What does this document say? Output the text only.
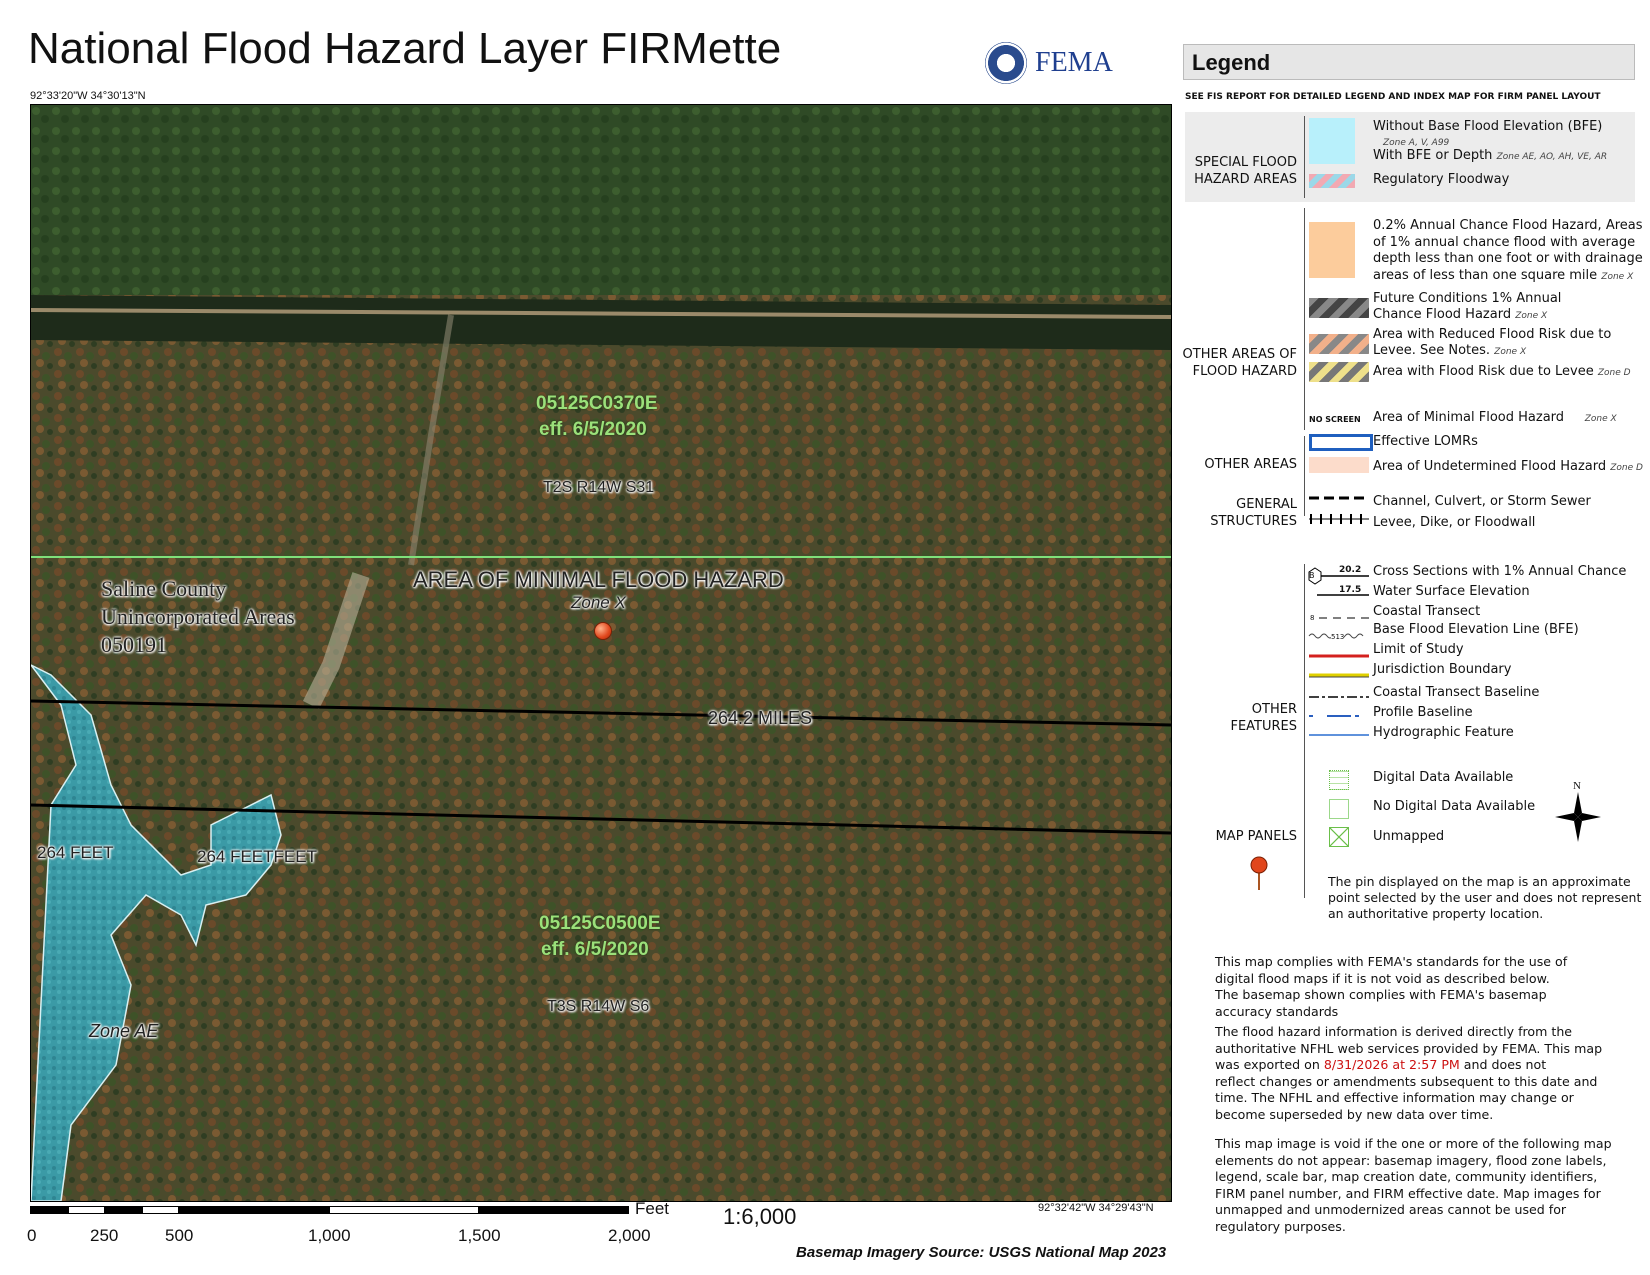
National Flood Hazard Layer FIRMette	FEMA
92°33'20"W 34°30'13"N
05125C0370E
eff. 6/5/2020
T2S R14W S31
AREA OF MINIMAL FLOOD HAZARD
Zone X
Saline County
Unincorporated Areas
050191
264.2 MILES
264 FEET	264 FEETFEET
05125C0500E
eff. 6/5/2020
T3S R14W S6
Zone AE
92°32'42"W 34°29'43"N
0	250	500	1,000	1,500	2,000
Feet 1:6,000
Basemap Imagery Source: USGS National Map 2023
Legend
SEE FIS REPORT FOR DETAILED LEGEND AND INDEX MAP FOR FIRM PANEL LAYOUT
SPECIAL FLOOD
HAZARD AREAS
Without Base Flood Elevation (BFE)
Zone A, V, A99
With BFE or Depth Zone AE, AO, AH, VE, AR
Regulatory Floodway
OTHER AREAS OF
FLOOD HAZARD
0.2% Annual Chance Flood Hazard, Areas
of 1% annual chance flood with average
depth less than one foot or with drainage
areas of less than one square mile Zone X
Future Conditions 1% Annual
Chance Flood Hazard Zone X
Area with Reduced Flood Risk due to
Levee. See Notes. Zone X
Area with Flood Risk due to Levee Zone D
OTHER AREAS
NO SCREEN Area of Minimal Flood Hazard Zone X
Effective LOMRs
Area of Undetermined Flood Hazard Zone D
GENERAL
STRUCTURES
Channel, Culvert, or Storm Sewer
Levee, Dike, or Floodwall
OTHER
FEATURES
B
20.2
17.5
8
513
Cross Sections with 1% Annual Chance
Water Surface Elevation
Coastal Transect
Base Flood Elevation Line (BFE)
Limit of Study
Jurisdiction Boundary
Coastal Transect Baseline
Profile Baseline
Hydrographic Feature
MAP PANELS
Digital Data Available
No Digital Data Available
Unmapped
N
The pin displayed on the map is an approximate
point selected by the user and does not represent
an authoritative property location.
This map complies with FEMA's standards for the use of
digital flood maps if it is not void as described below.
The basemap shown complies with FEMA's basemap
accuracy standards
The flood hazard information is derived directly from the
authoritative NFHL web services provided by FEMA. This map
was exported on 8/31/2026 at 2:57 PM and does not
reflect changes or amendments subsequent to this date and
time. The NFHL and effective information may change or
become superseded by new data over time.
This map image is void if the one or more of the following map
elements do not appear: basemap imagery, flood zone labels,
legend, scale bar, map creation date, community identifiers,
FIRM panel number, and FIRM effective date. Map images for
unmapped and unmodernized areas cannot be used for
regulatory purposes.
